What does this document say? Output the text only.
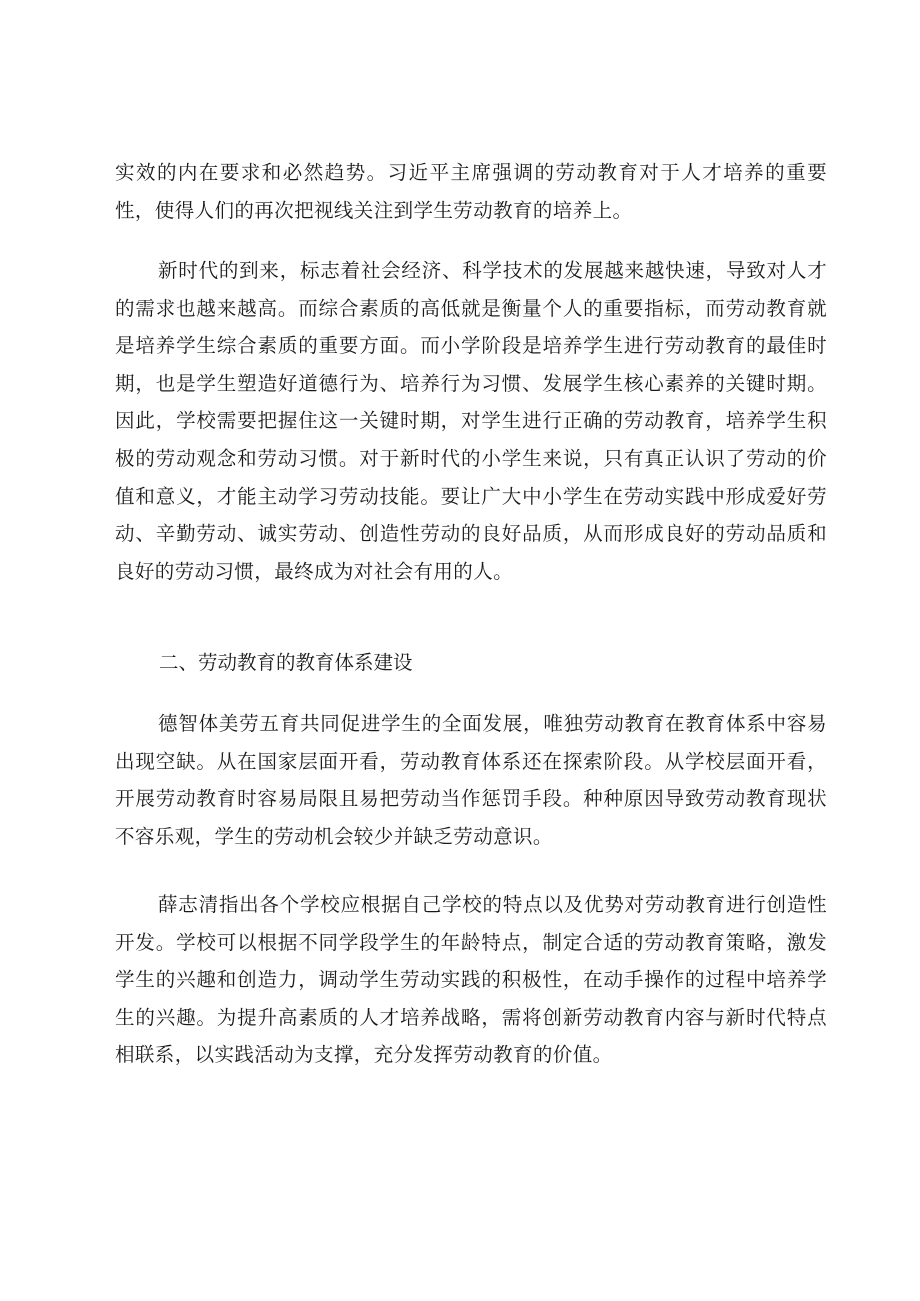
实效的内在要求和必然趋势。习近平主席强调的劳动教育对于人才培养的重要性，使得人们的再次把视线关注到学生劳动教育的培养上。

新时代的到来，标志着社会经济、科学技术的发展越来越快速，导致对人才的需求也越来越高。而综合素质的高低就是衡量个人的重要指标，而劳动教育就是培养学生综合素质的重要方面。而小学阶段是培养学生进行劳动教育的最佳时期，也是学生塑造好道德行为、培养行为习惯、发展学生核心素养的关键时期。因此，学校需要把握住这一关键时期，对学生进行正确的劳动教育，培养学生积极的劳动观念和劳动习惯。对于新时代的小学生来说，只有真正认识了劳动的价值和意义，才能主动学习劳动技能。要让广大中小学生在劳动实践中形成爱好劳动、辛勤劳动、诚实劳动、创造性劳动的良好品质，从而形成良好的劳动品质和良好的劳动习惯，最终成为对社会有用的人。

二、劳动教育的教育体系建设

德智体美劳五育共同促进学生的全面发展，唯独劳动教育在教育体系中容易出现空缺。从在国家层面开看，劳动教育体系还在探索阶段。从学校层面开看，开展劳动教育时容易局限且易把劳动当作惩罚手段。种种原因导致劳动教育现状不容乐观，学生的劳动机会较少并缺乏劳动意识。

薛志清指出各个学校应根据自己学校的特点以及优势对劳动教育进行创造性开发。学校可以根据不同学段学生的年龄特点，制定合适的劳动教育策略，激发学生的兴趣和创造力，调动学生劳动实践的积极性，在动手操作的过程中培养学生的兴趣。为提升高素质的人才培养战略，需将创新劳动教育内容与新时代特点相联系，以实践活动为支撑，充分发挥劳动教育的价值。
